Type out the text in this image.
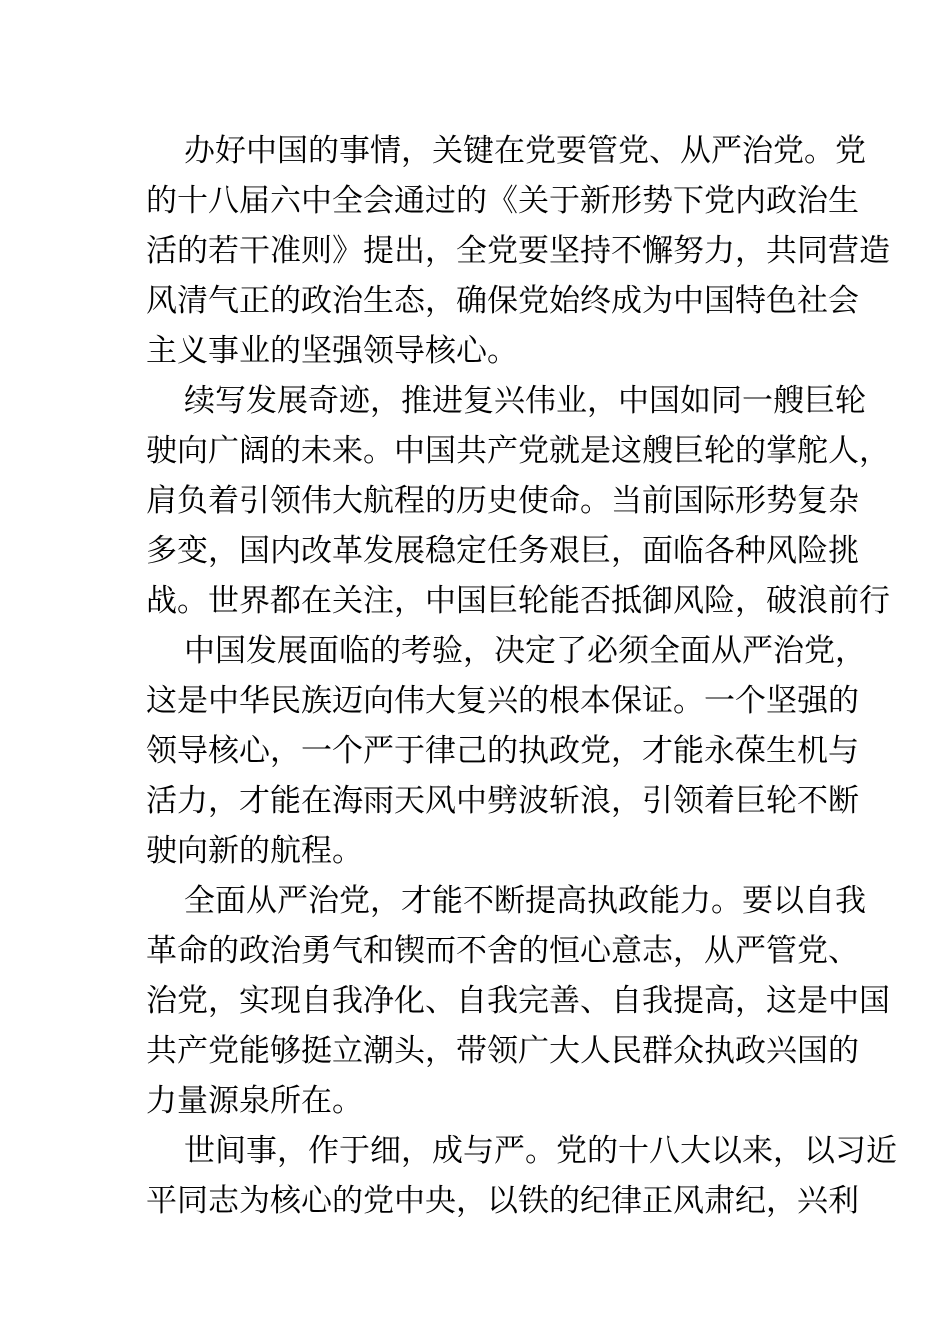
办好中国的事情，关键在党要管党、从严治党。党
的十八届六中全会通过的《关于新形势下党内政治生
活的若干准则》提出，全党要坚持不懈努力，共同营造
风清气正的政治生态，确保党始终成为中国特色社会
主义事业的坚强领导核心。
续写发展奇迹，推进复兴伟业，中国如同一艘巨轮
驶向广阔的未来。中国共产党就是这艘巨轮的掌舵人，
肩负着引领伟大航程的历史使命。当前国际形势复杂
多变，国内改革发展稳定任务艰巨，面临各种风险挑
战。世界都在关注，中国巨轮能否抵御风险，破浪前行
中国发展面临的考验，决定了必须全面从严治党，
这是中华民族迈向伟大复兴的根本保证。一个坚强的
领导核心，一个严于律己的执政党，才能永葆生机与
活力，才能在海雨天风中劈波斩浪，引领着巨轮不断
驶向新的航程。
全面从严治党，才能不断提高执政能力。要以自我
革命的政治勇气和锲而不舍的恒心意志，从严管党、
治党，实现自我净化、自我完善、自我提高，这是中国
共产党能够挺立潮头，带领广大人民群众执政兴国的
力量源泉所在。
世间事，作于细，成与严。党的十八大以来，以习近
平同志为核心的党中央，以铁的纪律正风肃纪，兴利
